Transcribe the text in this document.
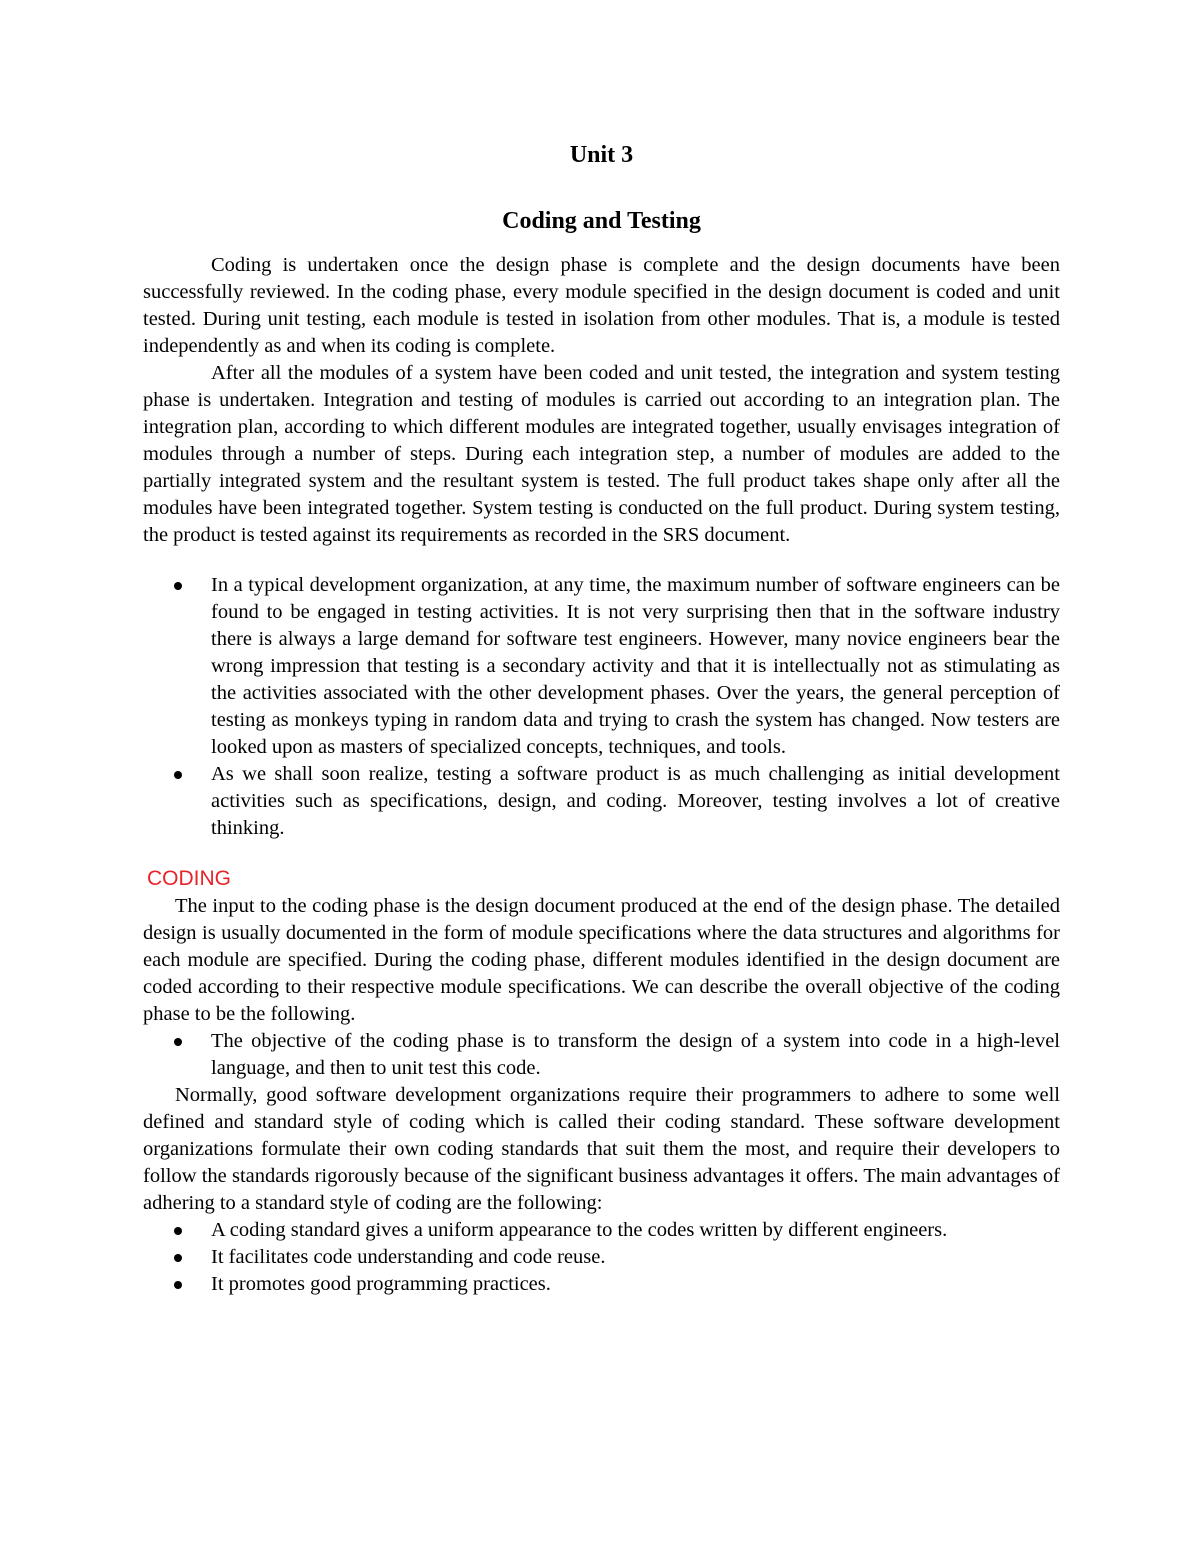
Unit 3
Coding and Testing

Coding is undertaken once the design phase is complete and the design documents have been successfully reviewed. In the coding phase, every module specified in the design document is coded and unit tested. During unit testing, each module is tested in isolation from other modules. That is, a module is tested independently as and when its coding is complete.

After all the modules of a system have been coded and unit tested, the integration and system testing phase is undertaken. Integration and testing of modules is carried out according to an integration plan. The integration plan, according to which different modules are integrated together, usually envisages integration of modules through a number of steps. During each integration step, a number of modules are added to the partially integrated system and the resultant system is tested. The full product takes shape only after all the modules have been integrated together. System testing is conducted on the full product. During system testing, the product is tested against its requirements as recorded in the SRS document.

In a typical development organization, at any time, the maximum number of software engineers can be found to be engaged in testing activities. It is not very surprising then that in the software industry there is always a large demand for software test engineers. However, many novice engineers bear the wrong impression that testing is a secondary activity and that it is intellectually not as stimulating as the activities associated with the other development phases. Over the years, the general perception of testing as monkeys typing in random data and trying to crash the system has changed. Now testers are looked upon as masters of specialized concepts, techniques, and tools.
As we shall soon realize, testing a software product is as much challenging as initial development activities such as specifications, design, and coding. Moreover, testing involves a lot of creative thinking.
CODING

The input to the coding phase is the design document produced at the end of the design phase. The detailed design is usually documented in the form of module specifications where the data structures and algorithms for each module are specified. During the coding phase, different modules identified in the design document are coded according to their respective module specifications. We can describe the overall objective of the coding phase to be the following.

The objective of the coding phase is to transform the design of a system into code in a high-level language, and then to unit test this code.

Normally, good software development organizations require their programmers to adhere to some well defined and standard style of coding which is called their coding standard. These software development organizations formulate their own coding standards that suit them the most, and require their developers to follow the standards rigorously because of the significant business advantages it offers. The main advantages of adhering to a standard style of coding are the following:

A coding standard gives a uniform appearance to the codes written by different engineers.
It facilitates code understanding and code reuse.
It promotes good programming practices.
